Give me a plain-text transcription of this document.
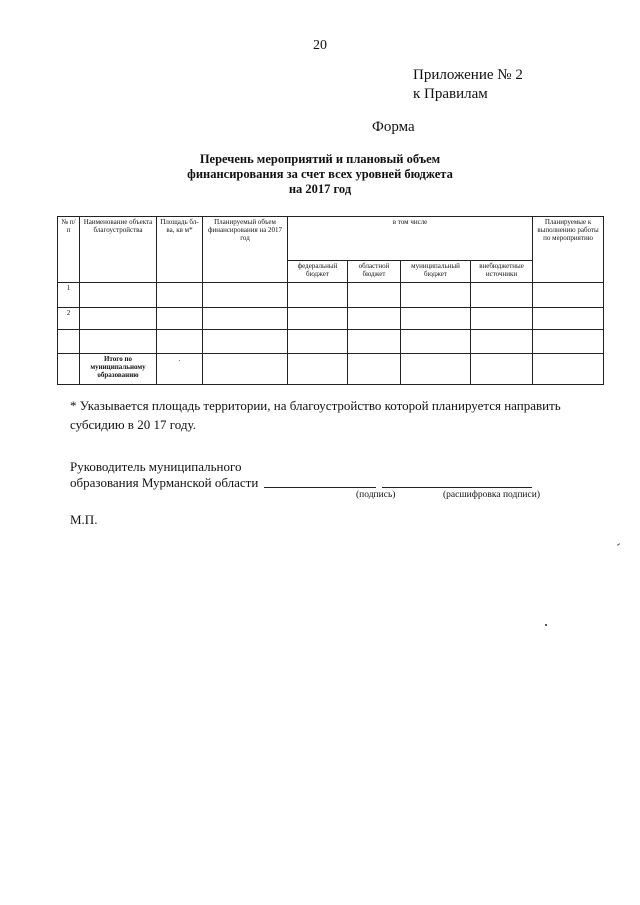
20
Приложение № 2
к Правилам
Форма
Перечень мероприятий и плановый объем
финансирования за счет всех уровней бюджета
на 2017 год
№ п/п	Наименование объекта благоустройства	Площадь бл-ва, кв м*	Планируемый объем финансирования на 2017 год	в том числе				Планируемые к выполнению работы по мероприятию
				федеральный бюджет	областной бюджет	муниципальный бюджет	внебюджетные источники	
1								
2								

	Итого по муниципальному образованию	.						
* Указывается площадь территории, на благоустройство которой планируется направить
субсидию в 20 17 году.
Руководитель муниципального
образования Мурманской области
(подпись)	(расшифровка подписи)
М.П.
